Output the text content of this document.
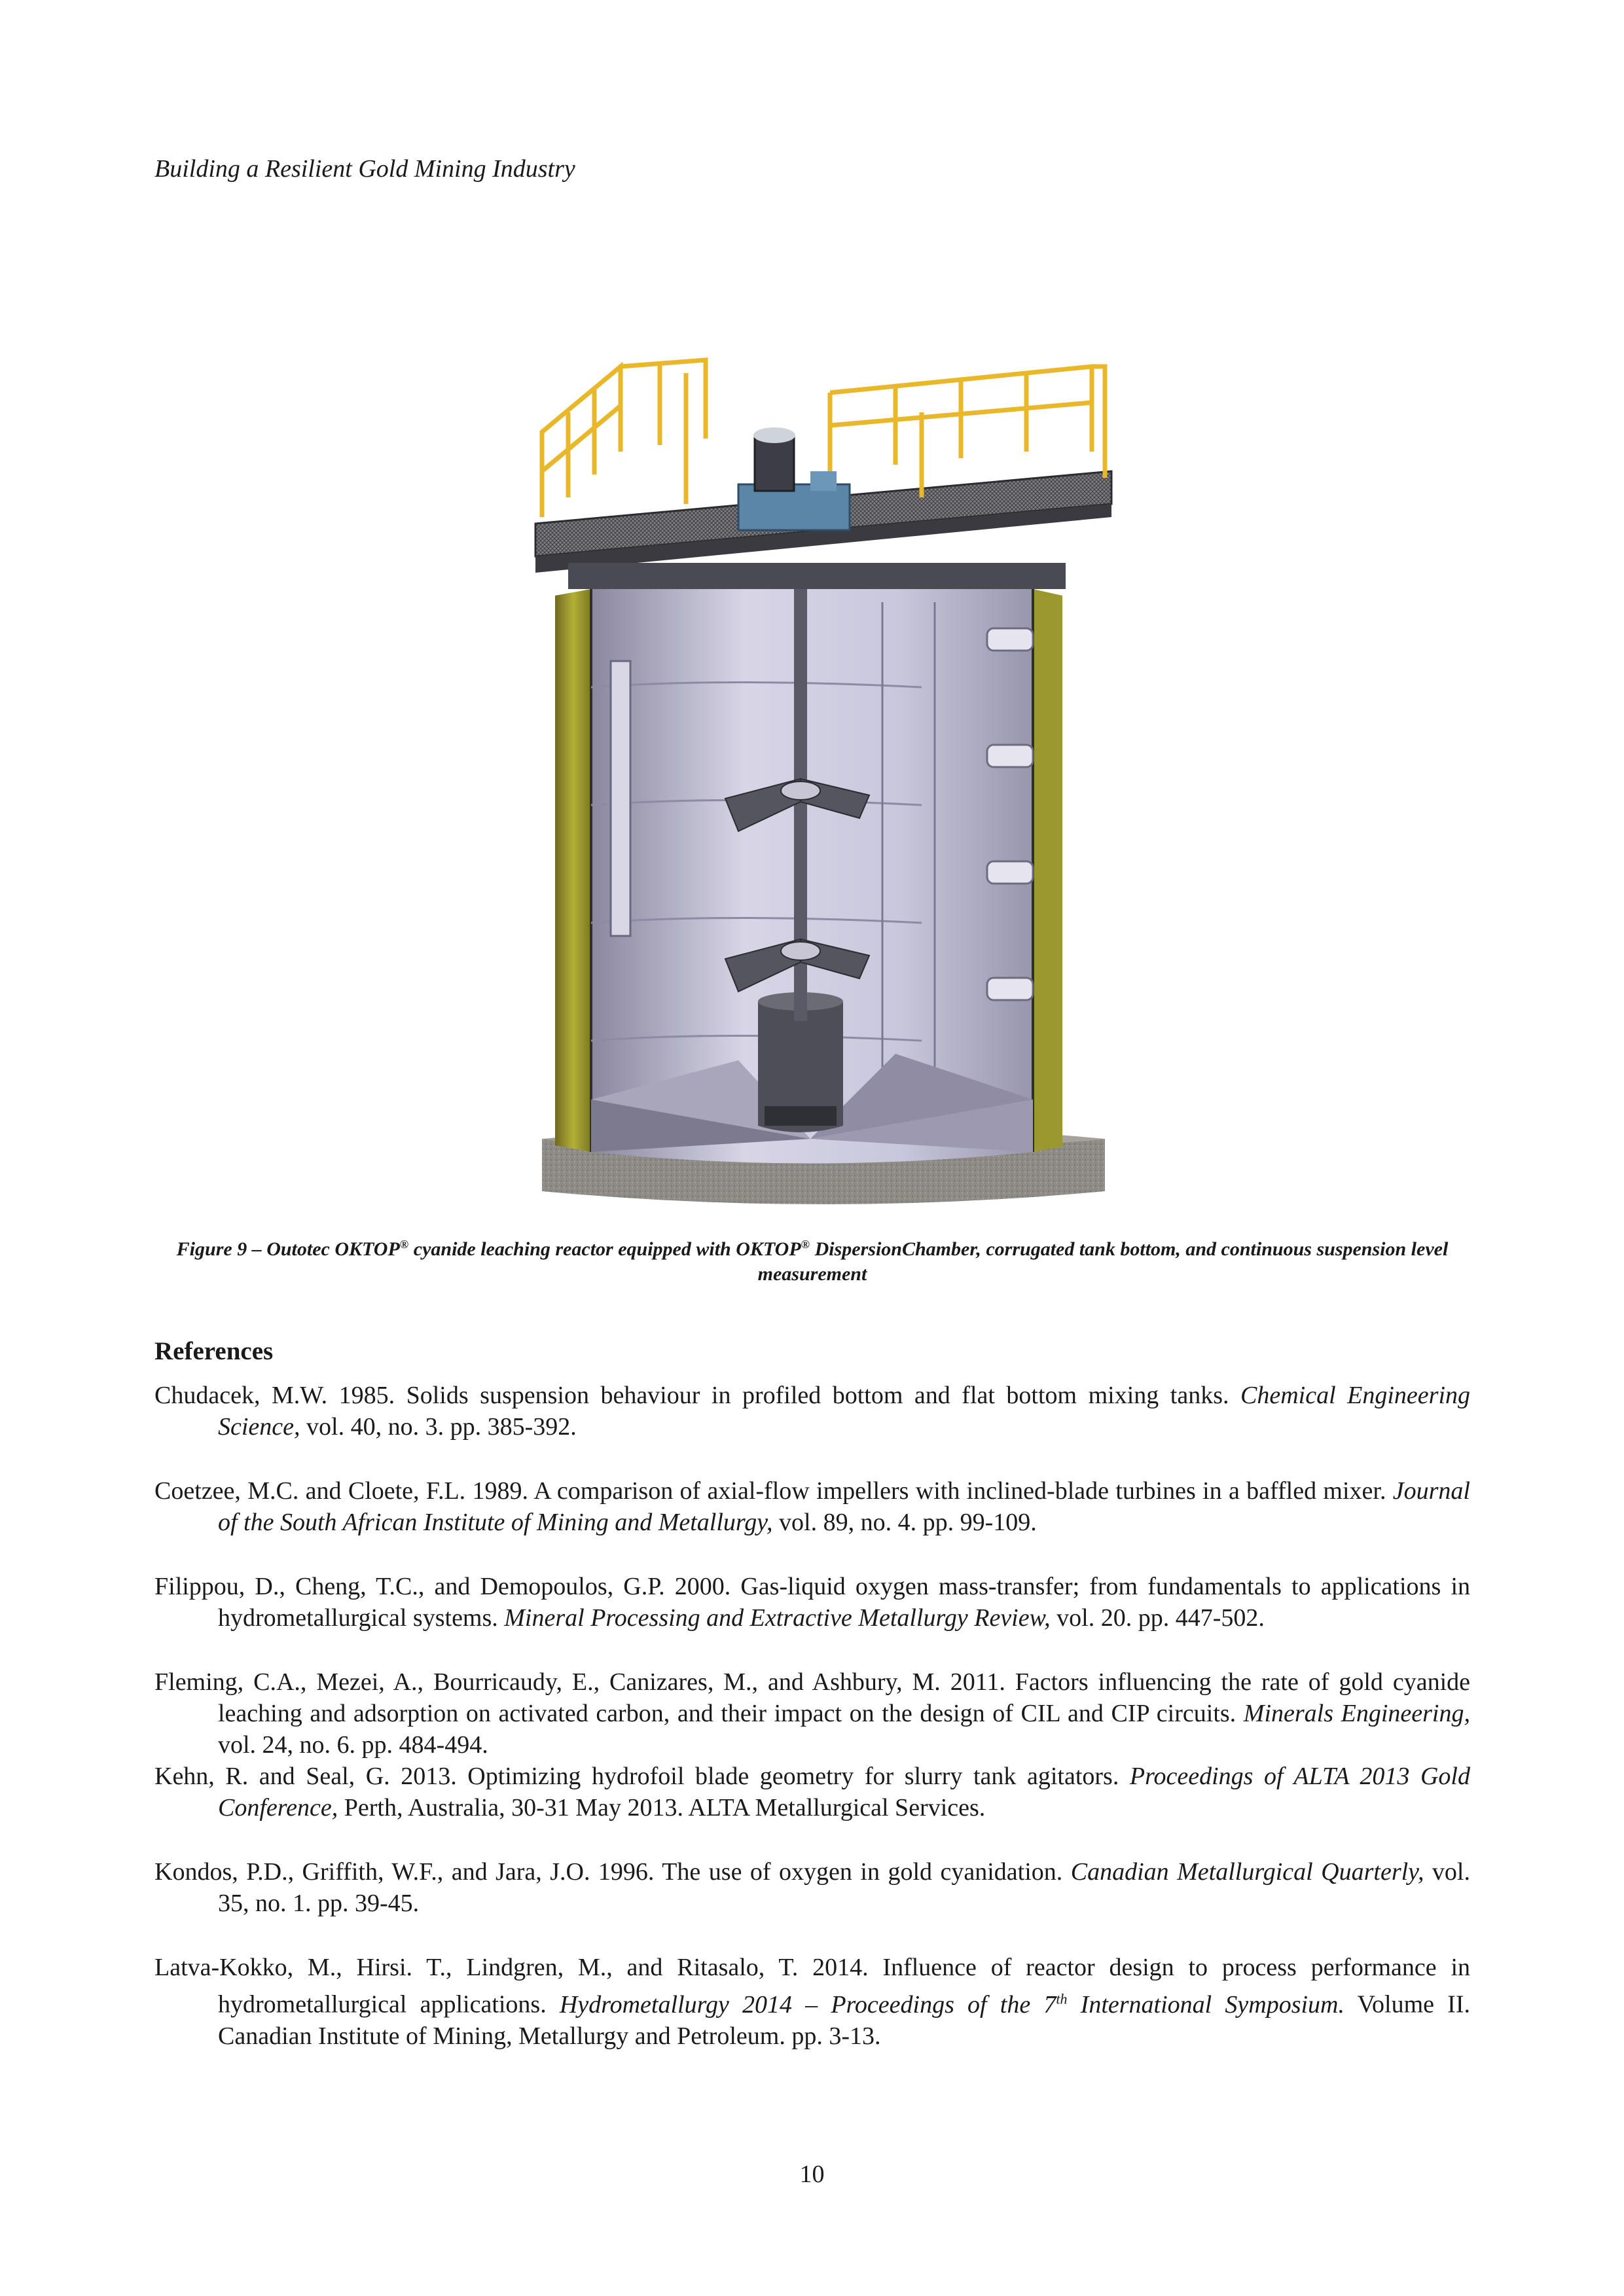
Building a Resilient Gold Mining Industry
Figure 9 – Outotec OKTOP® cyanide leaching reactor equipped with OKTOP® DispersionChamber, corrugated tank bottom, and continuous suspension level measurement
References
Chudacek, M.W. 1985. Solids suspension behaviour in profiled bottom and flat bottom mixing tanks. Chemical Engineering Science, vol. 40, no. 3. pp. 385-392.
Coetzee, M.C. and Cloete, F.L. 1989. A comparison of axial-flow impellers with inclined-blade turbines in a baffled mixer. Journal of the South African Institute of Mining and Metallurgy, vol. 89, no. 4. pp. 99-109.
Filippou, D., Cheng, T.C., and Demopoulos, G.P. 2000. Gas-liquid oxygen mass-transfer; from fundamentals to applications in hydrometallurgical systems. Mineral Processing and Extractive Metallurgy Review, vol. 20. pp. 447-502.
Fleming, C.A., Mezei, A., Bourricaudy, E., Canizares, M., and Ashbury, M. 2011. Factors influencing the rate of gold cyanide leaching and adsorption on activated carbon, and their impact on the design of CIL and CIP circuits. Minerals Engineering, vol. 24, no. 6. pp. 484-494.
Kehn, R. and Seal, G. 2013. Optimizing hydrofoil blade geometry for slurry tank agitators. Proceedings of ALTA 2013 Gold Conference, Perth, Australia, 30-31 May 2013. ALTA Metallurgical Services.
Kondos, P.D., Griffith, W.F., and Jara, J.O. 1996. The use of oxygen in gold cyanidation. Canadian Metallurgical Quarterly, vol. 35, no. 1. pp. 39-45.
Latva-Kokko, M., Hirsi. T., Lindgren, M., and Ritasalo, T. 2014. Influence of reactor design to process performance in hydrometallurgical applications. Hydrometallurgy 2014 – Proceedings of the 7th International Symposium. Volume II. Canadian Institute of Mining, Metallurgy and Petroleum. pp. 3-13.
10
